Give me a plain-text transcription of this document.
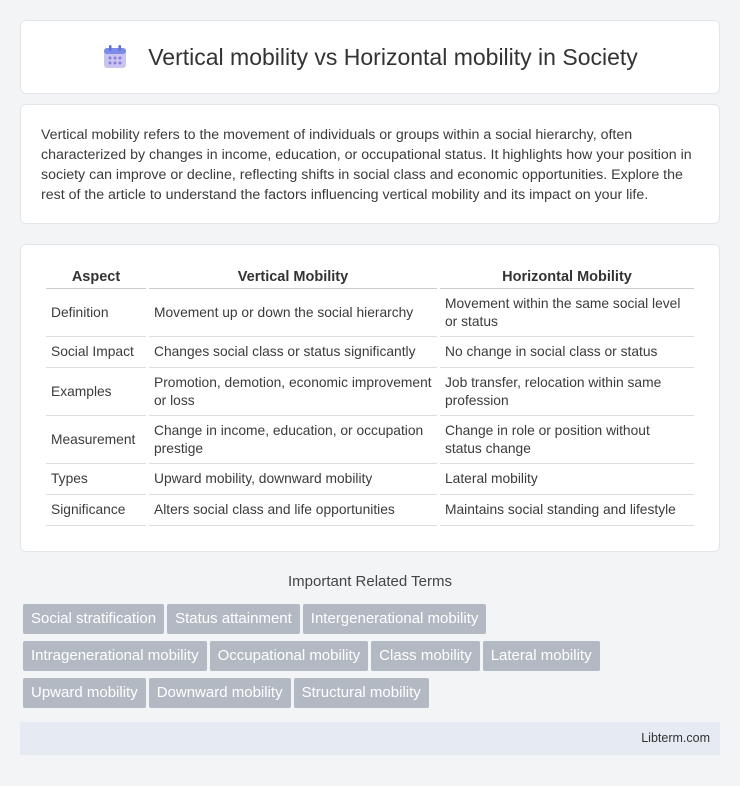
Vertical mobility vs Horizontal mobility in Society

Vertical mobility refers to the movement of individuals or groups within a social hierarchy, often characterized by changes in income, education, or occupational status. It highlights how your position in society can improve or decline, reflecting shifts in social class and economic opportunities. Explore the rest of the article to understand the factors influencing vertical mobility and its impact on your life.

Aspect	Vertical Mobility	Horizontal Mobility
Definition	Movement up or down the social hierarchy	Movement within the same social level or status
Social Impact	Changes social class or status significantly	No change in social class or status
Examples	Promotion, demotion, economic improvement or loss	Job transfer, relocation within same profession
Measurement	Change in income, education, or occupation prestige	Change in role or position without status change
Types	Upward mobility, downward mobility	Lateral mobility
Significance	Alters social class and life opportunities	Maintains social standing and lifestyle
Important Related Terms
Social stratification Status attainment Intergenerational mobility
Intragenerational mobility Occupational mobility Class mobility Lateral mobility
Upward mobility Downward mobility Structural mobility
Libterm.com
